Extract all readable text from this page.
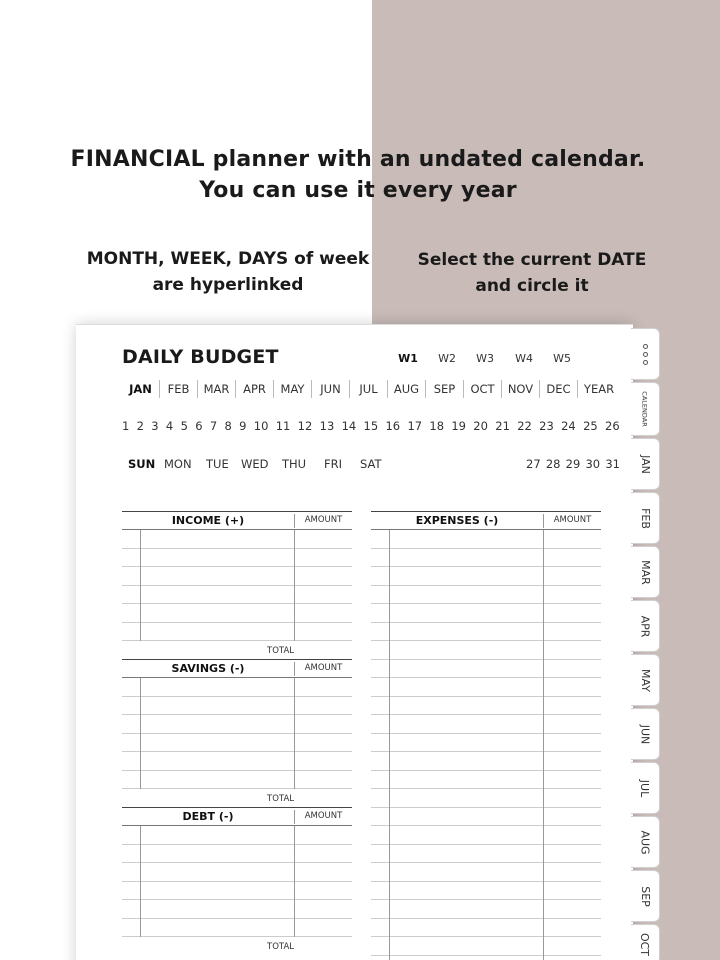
FINANCIAL planner with an undated calendar.
You can use it every year
MONTH, WEEK, DAYS of week
are hyperlinked
Select the current DATE
and circle it
DAILY BUDGET	W1	W2	W3	W4	W5
JAN	FEB	MAR	APR	MAY	JUN	JUL	AUG	SEP	OCT	NOV	DEC	YEAR
1 2 3 4 5 6 7 8 9 10 11 12 13 14 15 16 17 18 19 20 21 22 23 24 25 26
SUN MON TUE WED THU FRI SAT	27 28 29 30 31
INCOME (+)	AMOUNT
TOTAL
SAVINGS (-)	AMOUNT
TOTAL
DEBT (-)	AMOUNT
TOTAL
EXPENSES (-)	AMOUNT
CALENDAR
JAN
FEB
MAR
APR
MAY
JUN
JUL
AUG
SEP
OCT
